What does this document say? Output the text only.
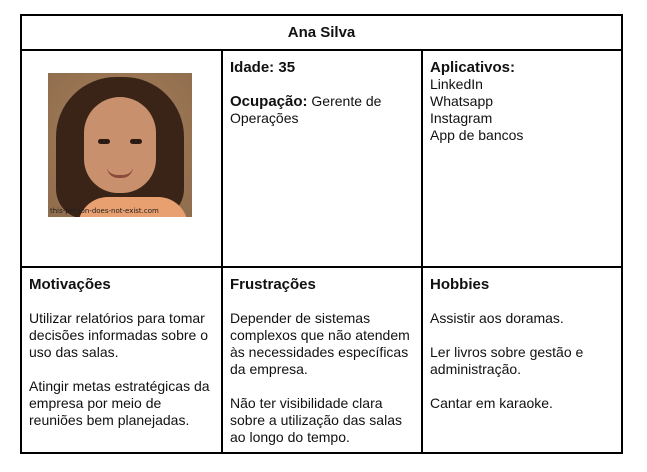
Ana Silva
this-person-does-not-exist.com

Idade: 35

Ocupação: Gerente de Operações

Aplicativos:

LinkedIn

Whatsapp

Instagram

App de bancos

Motivações

Utilizar relatórios para tomar decisões informadas sobre o uso das salas.

Atingir metas estratégicas da empresa por meio de reuniões bem planejadas.

Frustrações

Depender de sistemas complexos que não atendem às necessidades específicas da empresa.

Não ter visibilidade clara sobre a utilização das salas ao longo do tempo.

Hobbies

Assistir aos doramas.

Ler livros sobre gestão e administração.

Cantar em karaoke.
